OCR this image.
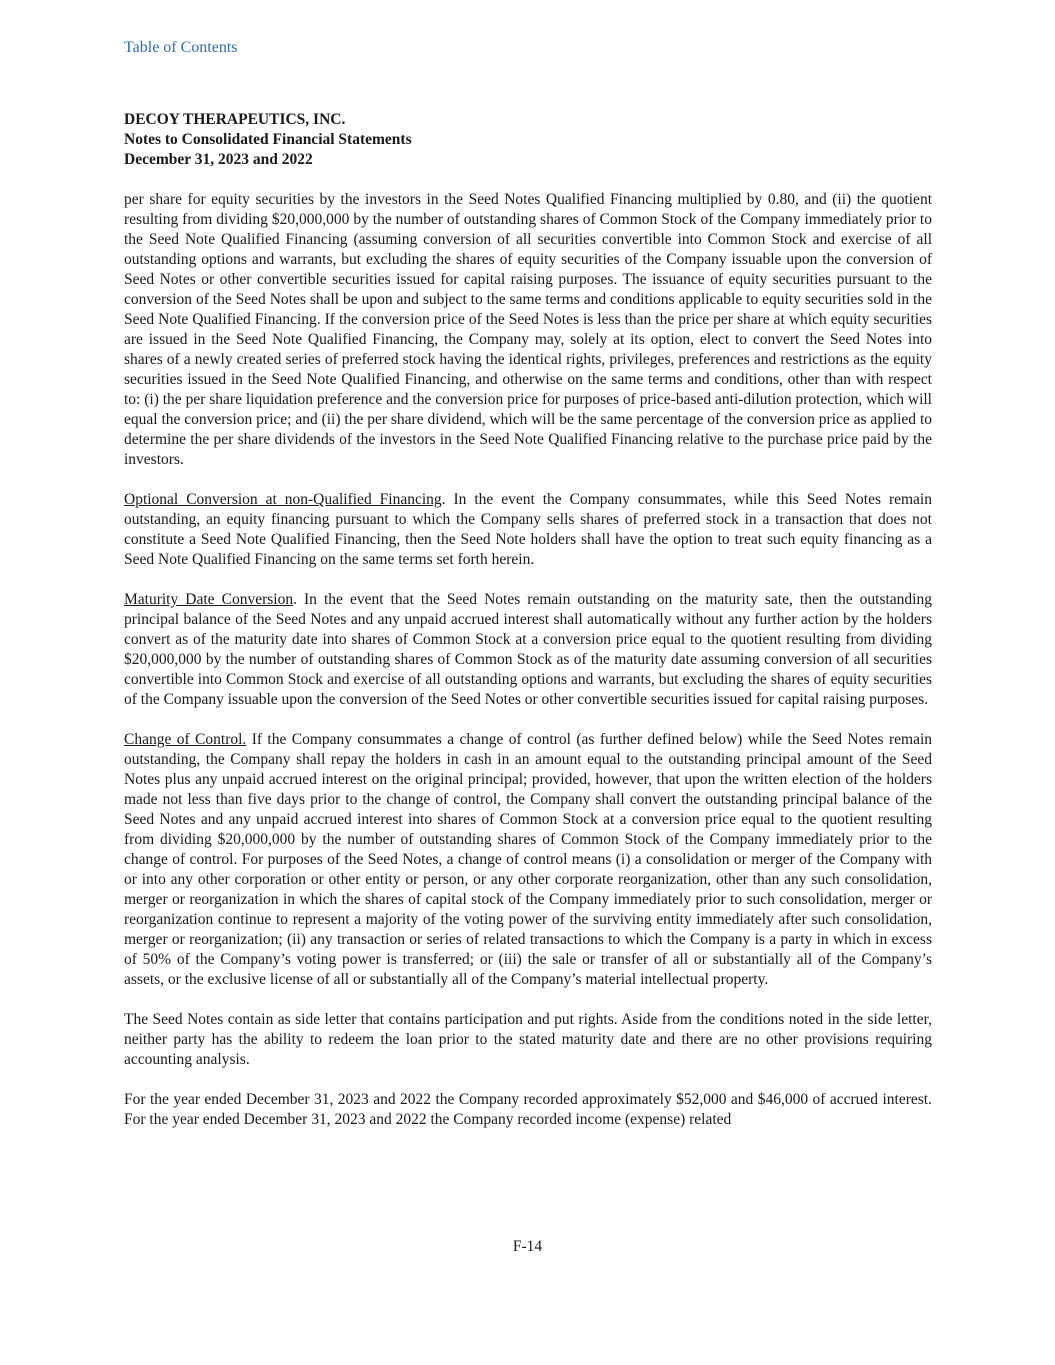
Table of Contents
DECOY THERAPEUTICS, INC.
Notes to Consolidated Financial Statements
December 31, 2023 and 2022

per share for equity securities by the investors in the Seed Notes Qualified Financing multiplied by 0.80, and (ii) the quotient resulting from dividing $20,000,000 by the number of outstanding shares of Common Stock of the Company immediately prior to the Seed Note Qualified Financing (assuming conversion of all securities convertible into Common Stock and exercise of all outstanding options and warrants, but excluding the shares of equity securities of the Company issuable upon the conversion of Seed Notes or other convertible securities issued for capital raising purposes. The issuance of equity securities pursuant to the conversion of the Seed Notes shall be upon and subject to the same terms and conditions applicable to equity securities sold in the Seed Note Qualified Financing. If the conversion price of the Seed Notes is less than the price per share at which equity securities are issued in the Seed Note Qualified Financing, the Company may, solely at its option, elect to convert the Seed Notes into shares of a newly created series of preferred stock having the identical rights, privileges, preferences and restrictions as the equity securities issued in the Seed Note Qualified Financing, and otherwise on the same terms and conditions, other than with respect to: (i) the per share liquidation preference and the conversion price for purposes of price-based anti-dilution protection, which will equal the conversion price; and (ii) the per share dividend, which will be the same percentage of the conversion price as applied to determine the per share dividends of the investors in the Seed Note Qualified Financing relative to the purchase price paid by the investors.

Optional Conversion at non-Qualified Financing. In the event the Company consummates, while this Seed Notes remain outstanding, an equity financing pursuant to which the Company sells shares of preferred stock in a transaction that does not constitute a Seed Note Qualified Financing, then the Seed Note holders shall have the option to treat such equity financing as a Seed Note Qualified Financing on the same terms set forth herein.

Maturity Date Conversion. In the event that the Seed Notes remain outstanding on the maturity sate, then the outstanding principal balance of the Seed Notes and any unpaid accrued interest shall automatically without any further action by the holders convert as of the maturity date into shares of Common Stock at a conversion price equal to the quotient resulting from dividing $20,000,000 by the number of outstanding shares of Common Stock as of the maturity date assuming conversion of all securities convertible into Common Stock and exercise of all outstanding options and warrants, but excluding the shares of equity securities of the Company issuable upon the conversion of the Seed Notes or other convertible securities issued for capital raising purposes.

Change of Control. If the Company consummates a change of control (as further defined below) while the Seed Notes remain outstanding, the Company shall repay the holders in cash in an amount equal to the outstanding principal amount of the Seed Notes plus any unpaid accrued interest on the original principal; provided, however, that upon the written election of the holders made not less than five days prior to the change of control, the Company shall convert the outstanding principal balance of the Seed Notes and any unpaid accrued interest into shares of Common Stock at a conversion price equal to the quotient resulting from dividing $20,000,000 by the number of outstanding shares of Common Stock of the Company immediately prior to the change of control. For purposes of the Seed Notes, a change of control means (i) a consolidation or merger of the Company with or into any other corporation or other entity or person, or any other corporate reorganization, other than any such consolidation, merger or reorganization in which the shares of capital stock of the Company immediately prior to such consolidation, merger or reorganization continue to represent a majority of the voting power of the surviving entity immediately after such consolidation, merger or reorganization; (ii) any transaction or series of related transactions to which the Company is a party in which in excess of 50% of the Company’s voting power is transferred; or (iii) the sale or transfer of all or substantially all of the Company’s assets, or the exclusive license of all or substantially all of the Company’s material intellectual property.

The Seed Notes contain as side letter that contains participation and put rights. Aside from the conditions noted in the side letter, neither party has the ability to redeem the loan prior to the stated maturity date and there are no other provisions requiring accounting analysis.

For the year ended December 31, 2023 and 2022 the Company recorded approximately $52,000 and $46,000 of accrued interest. For the year ended December 31, 2023 and 2022 the Company recorded income (expense) related

F-14
